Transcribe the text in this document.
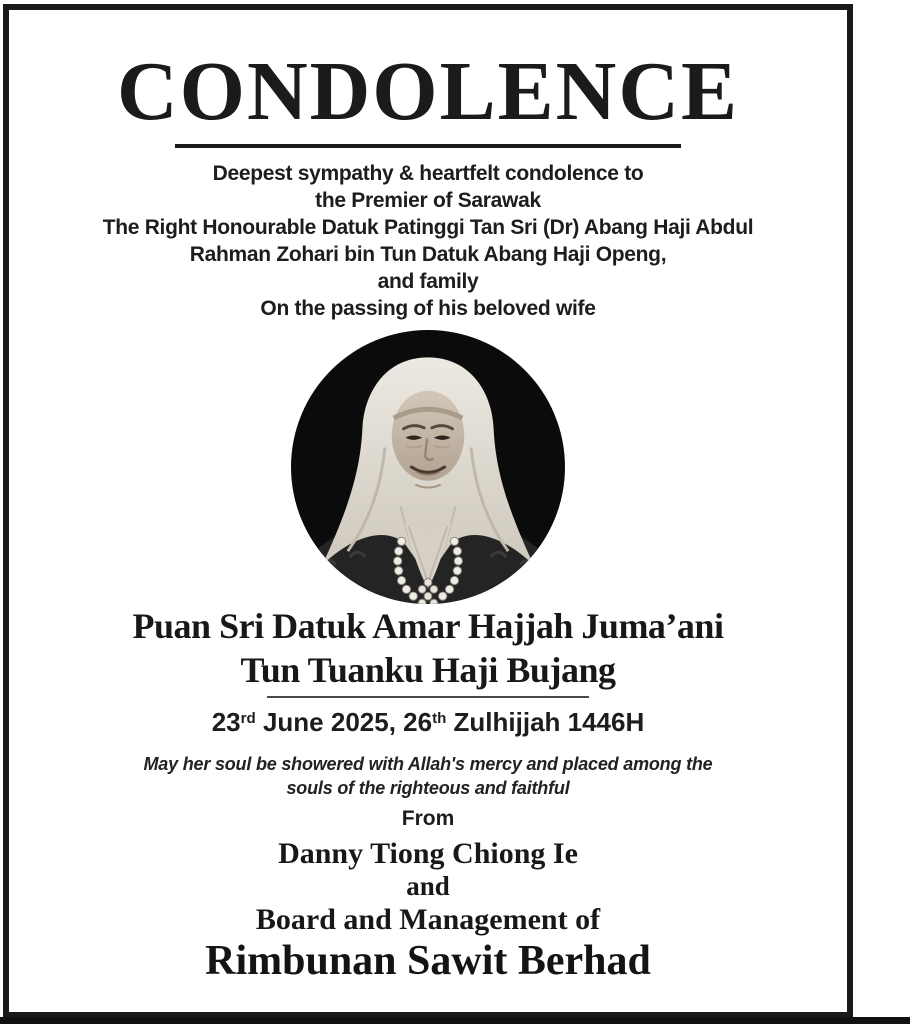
CONDOLENCE
Deepest sympathy & heartfelt condolence to
the Premier of Sarawak
The Right Honourable Datuk Patinggi Tan Sri (Dr) Abang Haji Abdul
Rahman Zohari bin Tun Datuk Abang Haji Openg,
and family
On the passing of his beloved wife
Puan Sri Datuk Amar Hajjah Juma’ani
Tun Tuanku Haji Bujang
23rd June 2025, 26th Zulhijjah 1446H
May her soul be showered with Allah's mercy and placed among the
souls of the righteous and faithful
From
Danny Tiong Chiong Ie
and
Board and Management of
Rimbunan Sawit Berhad
